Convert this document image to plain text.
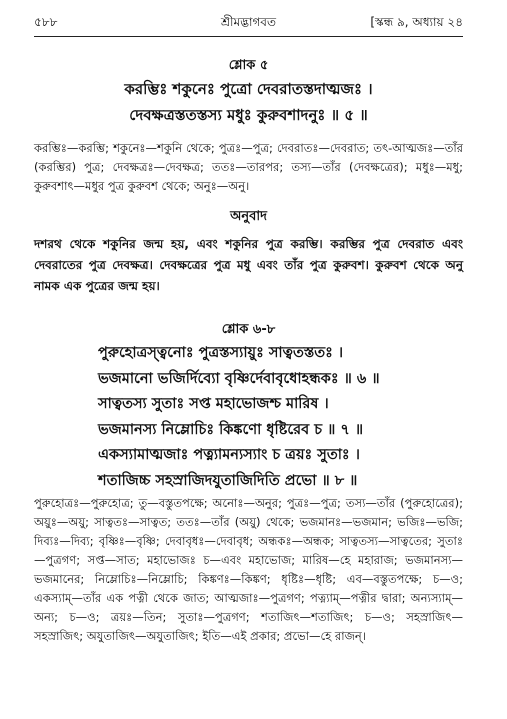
৫৮৮	শ্রীমদ্ভাগবত	[স্কন্ধ ৯, অধ্যায় ২৪
শ্লোক ৫
করম্ভিঃ শকুনেঃ পুত্রো দেবরাতস্তদাত্মজঃ ।
দেবক্ষত্রস্ততস্তস্য মধুঃ কুরুবশাদনুঃ ॥ ৫ ॥
করম্ভিঃ—করম্ভি; শকুনেঃ—শকুনি থেকে; পুত্রঃ—পুত্র; দেবরাতঃ—দেবরাত; তৎ-আত্মজঃ—তাঁর (করম্ভির) পুত্র; দেবক্ষত্রঃ—দেবক্ষত্র; ততঃ—তারপর; তস্য—তাঁর (দেবক্ষত্রের); মধুঃ—মধু; কুরুবশাৎ—মধুর পুত্র কুরুবশ থেকে; অনুঃ—অনু।
অনুবাদ
দশরথ থেকে শকুনির জন্ম হয়, এবং শকুনির পুত্র করম্ভি। করম্ভির পুত্র দেবরাত এবং দেবরাতের পুত্র দেবক্ষত্র। দেবক্ষত্রের পুত্র মধু এবং তাঁর পুত্র কুরুবশ। কুরুবশ থেকে অনু নামক এক পুত্রের জন্ম হয়।
শ্লোক ৬-৮
পুরুহোত্রস্ত্বনোঃ পুত্রস্তস্যায়ুঃ সাত্বতস্ততঃ ।
ভজমানো ভজির্দিব্যো বৃষ্ণির্দেবাবৃধোহন্ধকঃ ॥ ৬ ॥
সাত্বতস্য সুতাঃ সপ্ত মহাভোজশ্চ মারিষ ।
ভজমানস্য নিম্লোচিঃ কিঙ্কণো ধৃষ্টিরেব চ ॥ ৭ ॥
একস্যামাত্মজাঃ পত্ন্যামন্যস্যাং চ ত্রয়ঃ সুতাঃ ।
শতাজিচ্চ সহস্রাজিদযুতাজিদিতি প্রভো ॥ ৮ ॥
পুরুহোত্রঃ—পুরুহোত্র; তু—বস্তুতপক্ষে; অনোঃ—অনুর; পুত্রঃ—পুত্র; তস্য—তাঁর (পুরুহোত্রের); অয়ুঃ—অয়ু; সাত্বতঃ—সাত্বত; ততঃ—তাঁর (অয়ু) থেকে; ভজমানঃ—ভজমান; ভজিঃ—ভজি; দিব্যঃ—দিব্য; বৃষ্ণিঃ—বৃষ্ণি; দেবাবৃধঃ—দেবাবৃধ; অন্ধকঃ—অন্ধক; সাত্বতস্য—সাত্বতের; সুতাঃ—পুত্রগণ; সপ্ত—সাত; মহাভোজঃ চ—এবং মহাভোজ; মারিষ—হে মহারাজ; ভজমানস্য—ভজমানের; নিম্লোচিঃ—নিম্লোচি; কিঙ্কণঃ—কিঙ্কণ; ধৃষ্টিঃ—ধৃষ্টি; এব—বস্তুতপক্ষে; চ—ও; একস্যাম্—তাঁর এক পত্নী থেকে জাত; আত্মজাঃ—পুত্রগণ; পত্ন্যাম্—পত্নীর দ্বারা; অন্যস্যাম্—অন্য; চ—ও; ত্রয়ঃ—তিন; সুতাঃ—পুত্রগণ; শতাজিৎ—শতাজিৎ; চ—ও; সহস্রাজিৎ—সহস্রাজিৎ; অযুতাজিৎ—অযুতাজিৎ; ইতি—এই প্রকার; প্রভো—হে রাজন্।
